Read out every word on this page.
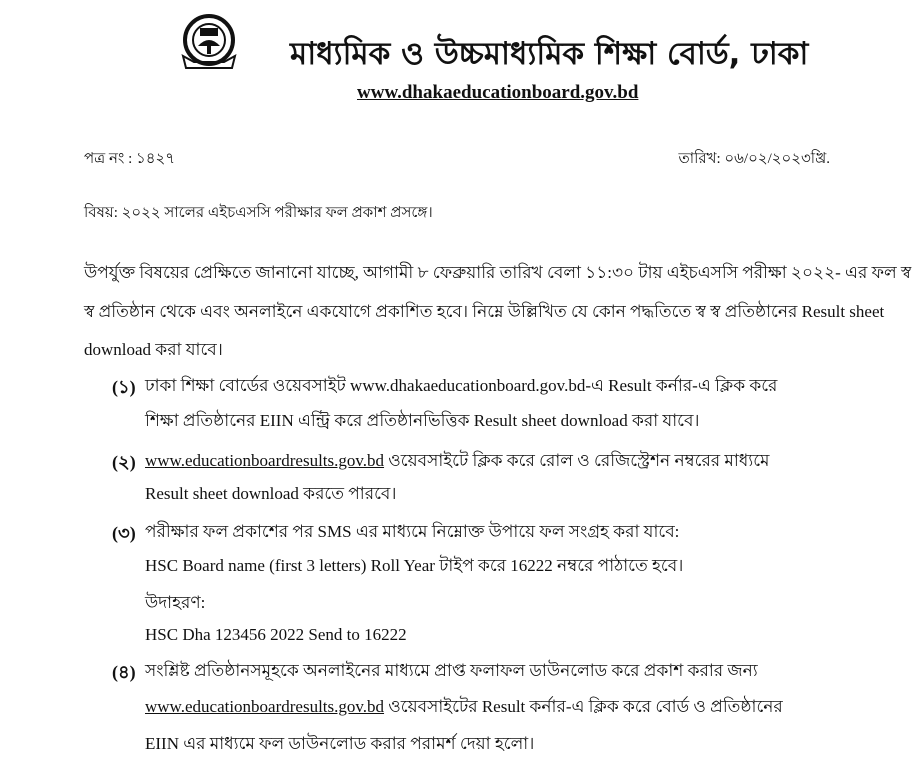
মাধ্যমিক ও উচ্চমাধ্যমিক শিক্ষা বোর্ড, ঢাকা
www.dhakaeducationboard.gov.bd
পত্র নং : ১৪২৭	তারিখ: ০৬/০২/২০২৩খ্রি.
বিষয়: ২০২২ সালের এইচএসসি পরীক্ষার ফল প্রকাশ প্রসঙ্গে।
উপর্যুক্ত বিষয়ের প্রেক্ষিতে জানানো যাচ্ছে, আগামী ৮ ফেব্রুয়ারি তারিখ বেলা ১১:৩০ টায় এইচএসসি পরীক্ষা ২০২২- এর ফল স্ব
স্ব প্রতিষ্ঠান থেকে এবং অনলাইনে একযোগে প্রকাশিত হবে। নিম্নে উল্লিখিত যে কোন পদ্ধতিতে স্ব স্ব প্রতিষ্ঠানের Result sheet
download করা যাবে।
(১) ঢাকা শিক্ষা বোর্ডের ওয়েবসাইট www.dhakaeducationboard.gov.bd-এ Result কর্নার-এ ক্লিক করে
শিক্ষা প্রতিষ্ঠানের EIIN এন্ট্রি করে প্রতিষ্ঠানভিত্তিক Result sheet download করা যাবে।
(২) www.educationboardresults.gov.bd ওয়েবসাইটে ক্লিক করে রোল ও রেজিস্ট্রেশন নম্বরের মাধ্যমে
Result sheet download করতে পারবে।
(৩) পরীক্ষার ফল প্রকাশের পর SMS এর মাধ্যমে নিম্নোক্ত উপায়ে ফল সংগ্রহ করা যাবে:
HSC Board name (first 3 letters) Roll Year টাইপ করে 16222 নম্বরে পাঠাতে হবে।
উদাহরণ:
HSC Dha 123456 2022 Send to 16222
(৪) সংশ্লিষ্ট প্রতিষ্ঠানসমূহকে অনলাইনের মাধ্যমে প্রাপ্ত ফলাফল ডাউনলোড করে প্রকাশ করার জন্য
www.educationboardresults.gov.bd ওয়েবসাইটের Result কর্নার-এ ক্লিক করে বোর্ড ও প্রতিষ্ঠানের
EIIN এর মাধ্যমে ফল ডাউনলোড করার পরামর্শ দেয়া হলো।
